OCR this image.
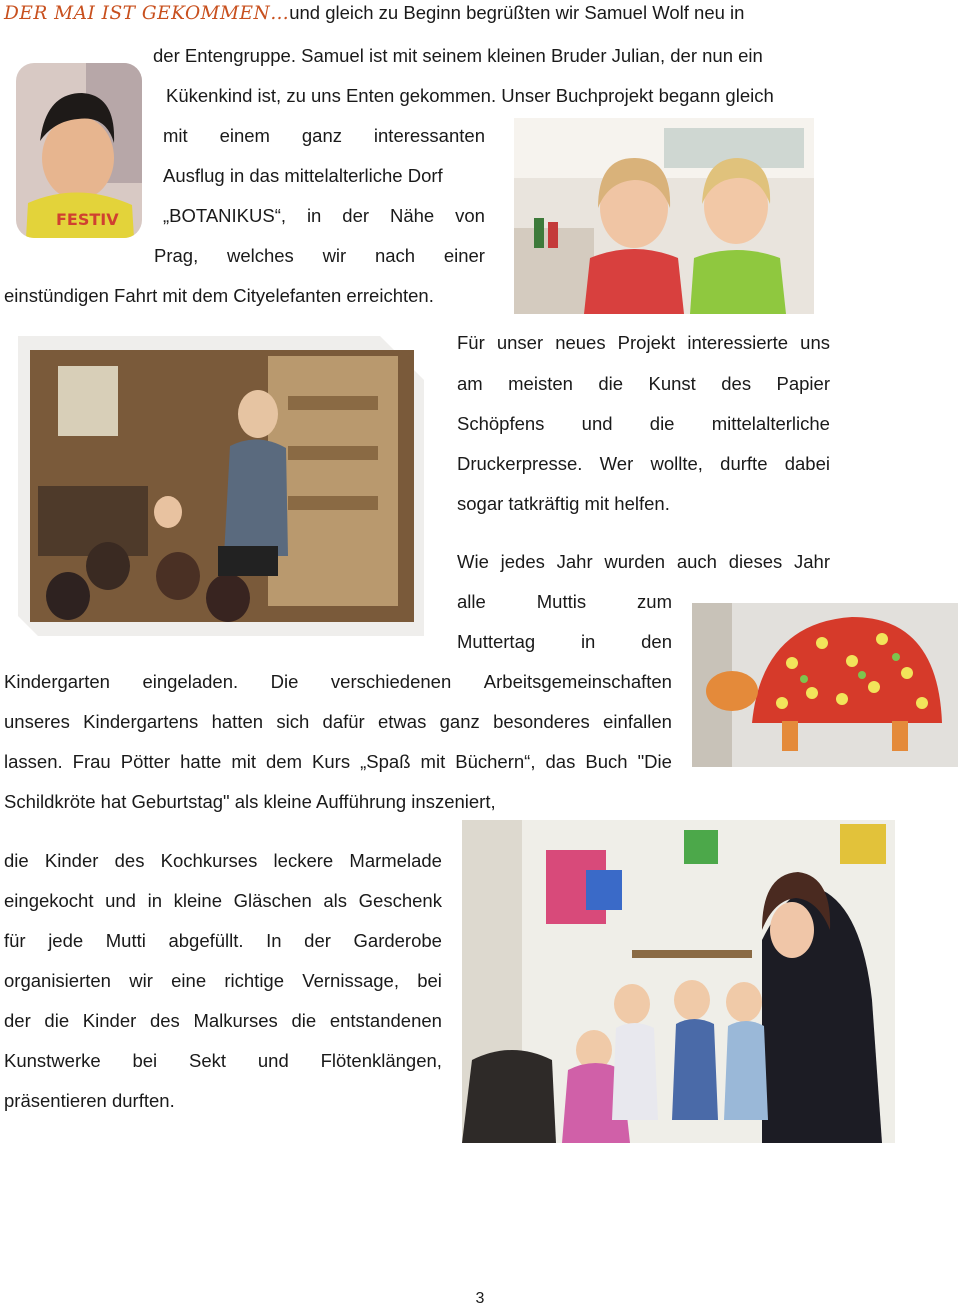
DER MAI IST GEKOMMEN…und gleich zu Beginn begrüßten wir Samuel Wolf neu in
FESTIV
der Entengruppe. Samuel ist mit seinem kleinen Bruder Julian, der nun ein
Kükenkind ist, zu uns Enten gekommen. Unser Buchprojekt begann gleich
mit einem ganz interessanten
Ausflug in das mittelalterliche Dorf
„BOTANIKUS“, in der Nähe von
Prag, welches wir nach einer
einstündigen Fahrt mit dem Cityelefanten erreichten.
Für unser neues Projekt interessierte uns
am meisten die Kunst des Papier
Schöpfens und die mittelalterliche
Druckerpresse. Wer wollte, durfte dabei
sogar tatkräftig mit helfen.
Wie jedes Jahr wurden auch dieses Jahr
alle	Muttis	zum
Muttertag in den
Kindergarten eingeladen. Die verschiedenen Arbeitsgemeinschaften
unseres Kindergartens hatten sich dafür etwas ganz besonderes einfallen
lassen. Frau Pötter hatte mit dem Kurs „Spaß mit Büchern“, das Buch "Die
Schildkröte hat Geburtstag" als kleine Aufführung inszeniert,
die Kinder des Kochkurses leckere Marmelade
eingekocht und in kleine Gläschen als Geschenk
für jede Mutti abgefüllt. In der Garderobe
organisierten wir eine richtige Vernissage, bei
der die Kinder des Malkurses die entstandenen
Kunstwerke bei Sekt und Flötenklängen,
präsentieren durften.
3
